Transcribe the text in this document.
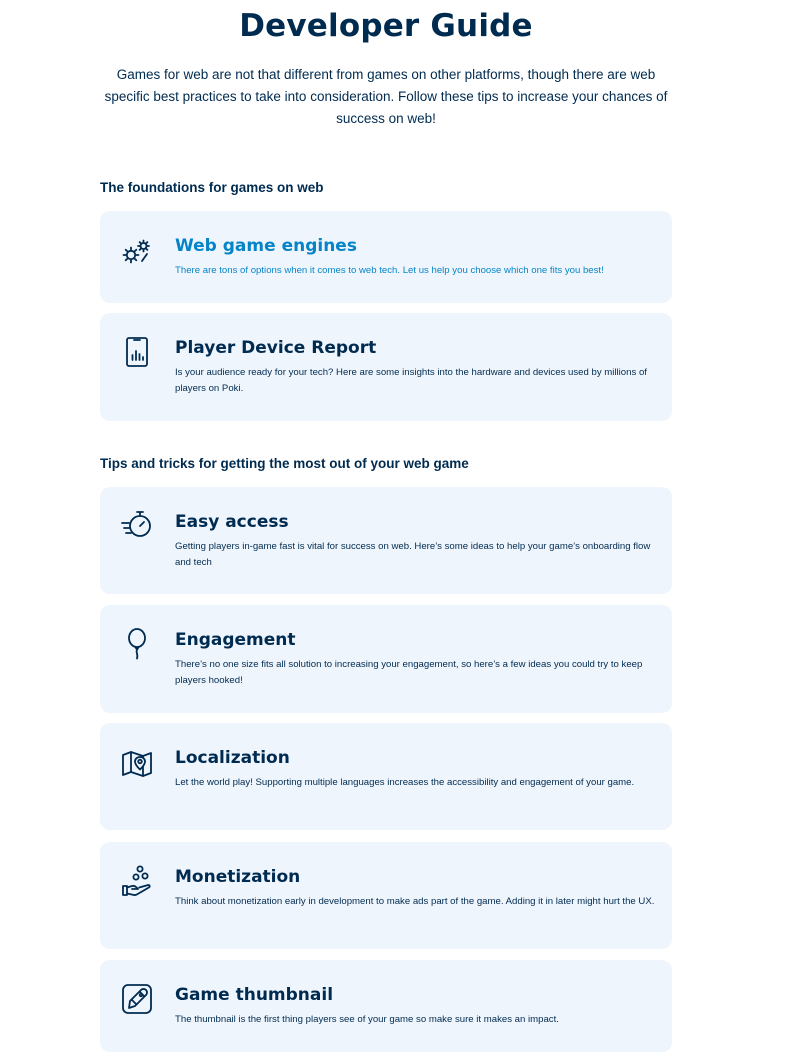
Developer Guide

Games for web are not that different from games on other platforms, though there are web specific best practices to take into consideration. Follow these tips to increase your chances of success on web!

The foundations for games on web
Web game engines

There are tons of options when it comes to web tech. Let us help you choose which one fits you best!

Player Device Report

Is your audience ready for your tech? Here are some insights into the hardware and devices used by millions of players on Poki.

Tips and tricks for getting the most out of your web game
Easy access

Getting players in-game fast is vital for success on web. Here’s some ideas to help your game’s onboarding flow and tech

Engagement

There’s no one size fits all solution to increasing your engagement, so here’s a few ideas you could try to keep players hooked!

Localization

Let the world play! Supporting multiple languages increases the accessibility and engagement of your game.

Monetization

Think about monetization early in development to make ads part of the game. Adding it in later might hurt the UX.

Game thumbnail

The thumbnail is the first thing players see of your game so make sure it makes an impact.
